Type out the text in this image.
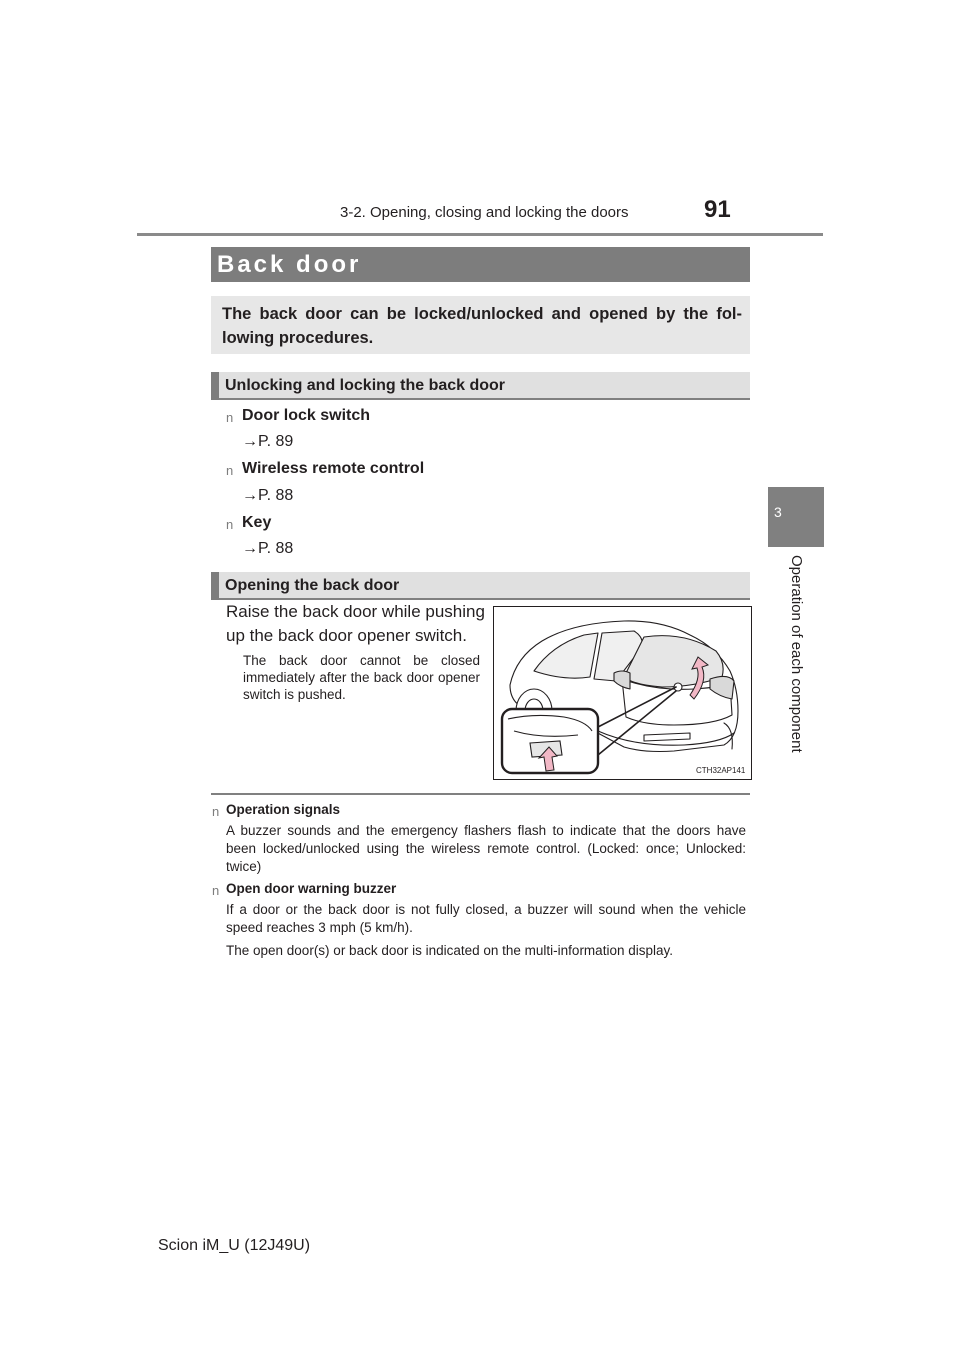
3-2. Opening, closing and locking the doors	91
3
Operation of each component
Back door
The back door can be locked/unlocked and opened by the fol-lowing procedures.
Unlocking and locking the back door
n Door lock switch
→P. 89
n Wireless remote control
→P. 88
n Key
→P. 88
Opening the back door
Raise the back door while pushing up the back door opener switch.
The back door cannot be closed immediately after the back door opener switch is pushed.
CTH32AP141
n Operation signals
A buzzer sounds and the emergency flashers flash to indicate that the doors have been locked/unlocked using the wireless remote control. (Locked: once; Unlocked: twice)
n Open door warning buzzer
If a door or the back door is not fully closed, a buzzer will sound when the vehicle speed reaches 3 mph (5 km/h).
The open door(s) or back door is indicated on the multi-information display.
Scion iM_U (12J49U)
